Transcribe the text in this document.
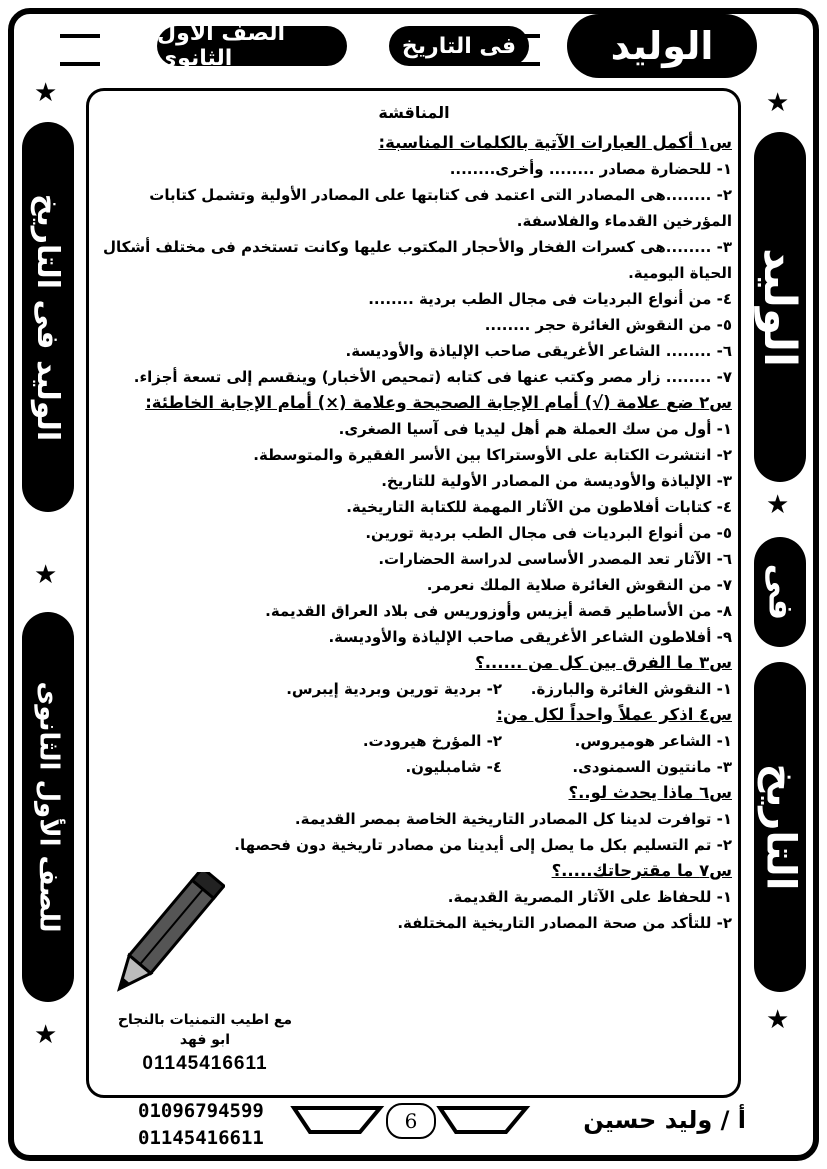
الوليد
فى التاريخ
الصف الأول الثانوى
★
الوليد
★
فى
التاريخ
★
★
الوليد فى التاريخ
★
للصف الأول الثانوى
★
المناقشة
س١ أكمل العبارات الآتية بالكلمات المناسبة:
١- للحضارة مصادر ........ وأخرى........
٢- ........هى المصادر التى اعتمد فى كتابتها على المصادر الأولية وتشمل كتابات المؤرخين القدماء والفلاسفة.
٣- ........هى كسرات الفخار والأحجار المكتوب عليها وكانت تستخدم فى مختلف أشكال الحياة اليومية.
٤- من أنواع البرديات فى مجال الطب بردية ........
٥- من النقوش الغائرة حجر ........
٦- ........ الشاعر الأغريقى صاحب الإلياذة والأوديسة.
٧- ........ زار مصر وكتب عنها فى كتابه (تمحيص الأخبار) وينقسم إلى تسعة أجزاء.
س٢ ضع علامة (√) أمام الإجابة الصحيحة وعلامة (×) أمام الإجابة الخاطئة:
١- أول من سك العملة هم أهل ليديا فى آسيا الصغرى.
٢- انتشرت الكتابة على الأوستراكا بين الأسر الفقيرة والمتوسطة.
٣- الإلياذة والأوديسة من المصادر الأولية للتاريخ.
٤- كتابات أفلاطون من الآثار المهمة للكتابة التاريخية.
٥- من أنواع البرديات فى مجال الطب بردية تورين.
٦- الآثار تعد المصدر الأساسى لدراسة الحضارات.
٧- من النقوش الغائرة صلاية الملك نعرمر.
٨- من الأساطير قصة أيزيس وأوزوريس فى بلاد العراق القديمة.
٩- أفلاطون الشاعر الأغريقى صاحب الإلياذة والأوديسة.
س٣ ما الفرق بين كل من ......؟
١- النقوش الغائرة والبارزة.
٢- بردية تورين وبردية إيبرس.
س٤ اذكر عملاً واحداً لكل من:
١- الشاعر هوميروس.
٢- المؤرخ هيرودت.
٣- مانتيون السمنودى.
٤- شامبليون.
س٦ ماذا يحدث لو..؟
١- توافرت لدينا كل المصادر التاريخية الخاصة بمصر القديمة.
٢- تم التسليم بكل ما يصل إلى أيدينا من مصادر تاريخية دون فحصها.
س٧ ما مقترحاتك.....؟
١- للحفاظ على الآثار المصرية القديمة.
٢- للتأكد من صحة المصادر التاريخية المختلفة.
مع اطيب التمنيات بالنجاح
ابو فهد
01145416611
01096794599
01145416611
6	أ / وليد حسين
